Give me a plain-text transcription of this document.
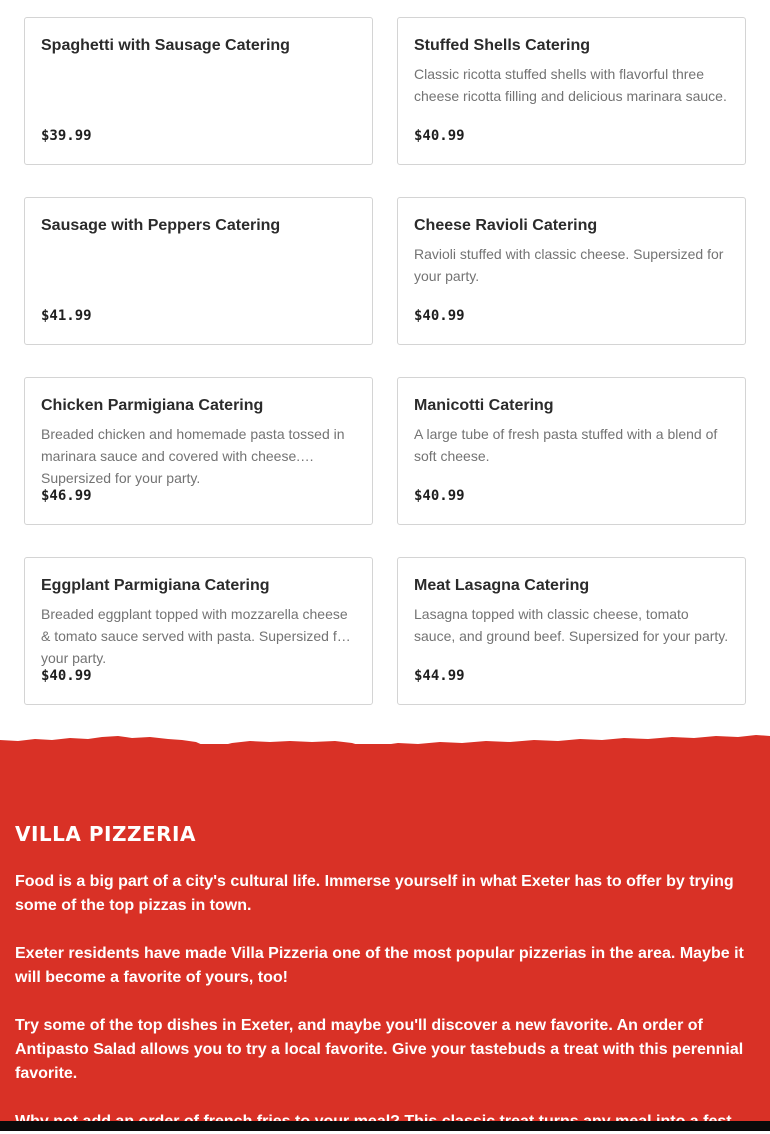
Spaghetti with Sausage Catering
$39.99
Stuffed Shells Catering
Classic ricotta stuffed shells with flavorful three cheese ricotta filling and delicious marinara sauce.
$40.99
Sausage with Peppers Catering
$41.99
Cheese Ravioli Catering
Ravioli stuffed with classic cheese. Supersized for your party.
$40.99
Chicken Parmigiana Catering
Breaded chicken and homemade pasta tossed in marinara sauce and covered with cheese. Supersized for your party.
$46.99
Manicotti Catering
A large tube of fresh pasta stuffed with a blend of soft cheese.
$40.99
Eggplant Parmigiana Catering
Breaded eggplant topped with mozzarella cheese & tomato sauce served with pasta. Supersized for your party.
$40.99
Meat Lasagna Catering
Lasagna topped with classic cheese, tomato sauce, and ground beef. Supersized for your party.
$44.99
VILLA PIZZERIA

Food is a big part of a city's cultural life. Immerse yourself in what Exeter has to offer by trying some of the top pizzas in town.

Exeter residents have made Villa Pizzeria one of the most popular pizzerias in the area. Maybe it will become a favorite of yours, too!

Try some of the top dishes in Exeter, and maybe you'll discover a new favorite. An order of Antipasto Salad allows you to try a local favorite. Give your tastebuds a treat with this perennial favorite.
